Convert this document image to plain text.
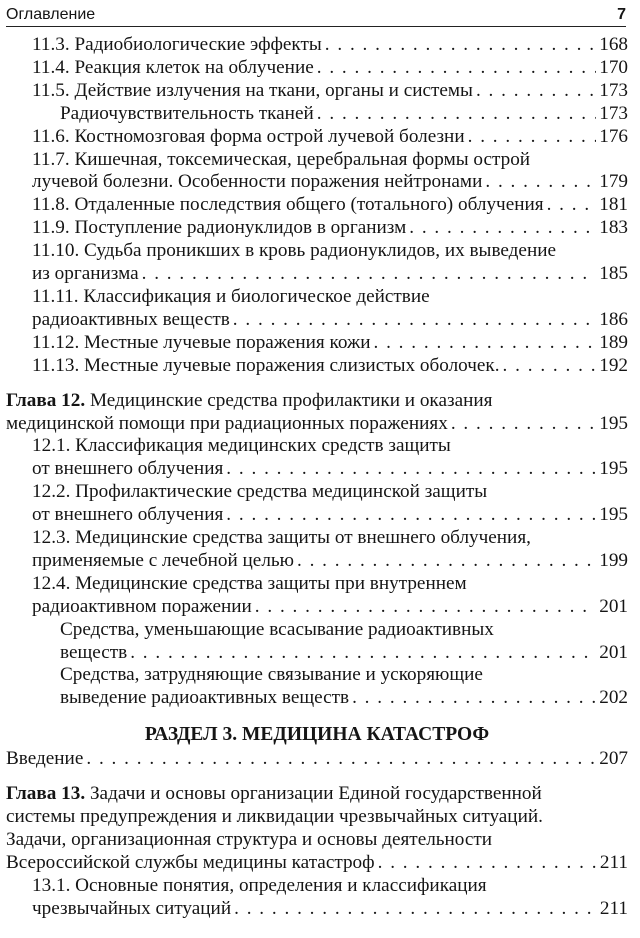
Оглавление	7
11.3. Радиобиологические эффекты . . .	168
11.4. Реакция клеток на облучение . . .	170
11.5. Действие излучения на ткани, органы и системы . . .	173
Радиочувствительность тканей . . .	173
11.6. Костномозговая форма острой лучевой болезни . . .	176
11.7. Кишечная, токсемическая, церебральная формы острой
лучевой болезни. Особенности поражения нейтронами . . .	179
11.8. Отдаленные последствия общего (тотального) облучения . . .	181
11.9. Поступление радионуклидов в организм . . .	183
11.10. Судьба проникших в кровь радионуклидов, их выведение
из организма . . .	185
11.11. Классификация и биологическое действие
радиоактивных веществ . . .	186
11.12. Местные лучевые поражения кожи . . .	189
11.13. Местные лучевые поражения слизистых оболочек. . . .	192
Глава 12. Медицинские средства профилактики и оказания
медицинской помощи при радиационных поражениях . . .	195
12.1. Классификация медицинских средств защиты
от внешнего облучения . . .	195
12.2. Профилактические средства медицинской защиты
от внешнего облучения . . .	195
12.3. Медицинские средства защиты от внешнего облучения,
применяемые с лечебной целью . . .	199
12.4. Медицинские средства защиты при внутреннем
радиоактивном поражении . . .	201
Средства, уменьшающие всасывание радиоактивных
веществ . . .	201
Средства, затрудняющие связывание и ускоряющие
выведение радиоактивных веществ . . .	202
РАЗДЕЛ 3. МЕДИЦИНА КАТАСТРОФ
Введение . . .	207
Глава 13. Задачи и основы организации Единой государственной
системы предупреждения и ликвидации чрезвычайных ситуаций.
Задачи, организационная структура и основы деятельности
Всероссийской службы медицины катастроф . . .	211
13.1. Основные понятия, определения и классификация
чрезвычайных ситуаций . . .	211
